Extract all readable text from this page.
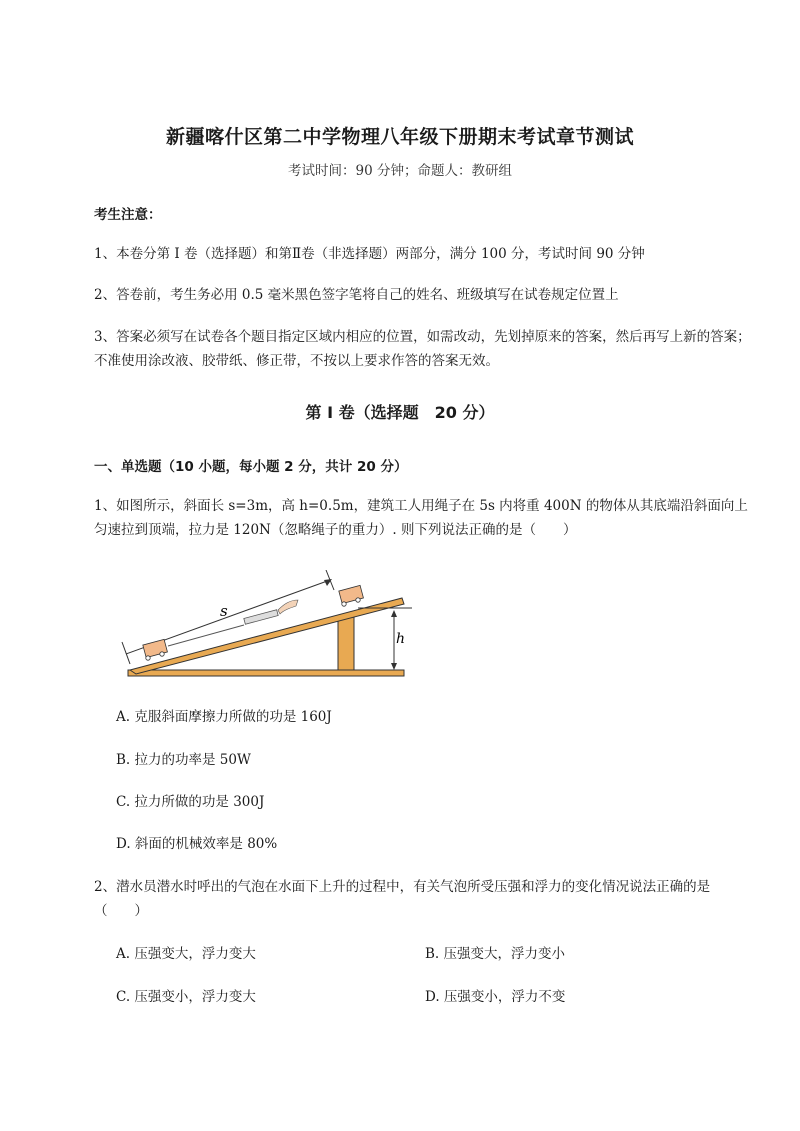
新疆喀什区第二中学物理八年级下册期末考试章节测试
考试时间：90 分钟；命题人：教研组
考生注意：
1、本卷分第 I 卷（选择题）和第Ⅱ卷（非选择题）两部分，满分 100 分，考试时间 90 分钟
2、答卷前，考生务必用 0.5 毫米黑色签字笔将自己的姓名、班级填写在试卷规定位置上
3、答案必须写在试卷各个题目指定区域内相应的位置，如需改动，先划掉原来的答案，然后再写上新的答案；不准使用涂改液、胶带纸、修正带，不按以上要求作答的答案无效。
第 I 卷（选择题　20 分）
一、单选题（10 小题，每小题 2 分，共计 20 分）
1、如图所示，斜面长 s=3m，高 h=0.5m，建筑工人用绳子在 5s 内将重 400N 的物体从其底端沿斜面向上匀速拉到顶端，拉力是 120N（忽略绳子的重力）. 则下列说法正确的是（　　）
h
s
A. 克服斜面摩擦力所做的功是 160J
B. 拉力的功率是 50W
C. 拉力所做的功是 300J
D. 斜面的机械效率是 80%
2、潜水员潜水时呼出的气泡在水面下上升的过程中，有关气泡所受压强和浮力的变化情况说法正确的是（　　）
A. 压强变大，浮力变大	B. 压强变大，浮力变小
C. 压强变小，浮力变大	D. 压强变小，浮力不变
